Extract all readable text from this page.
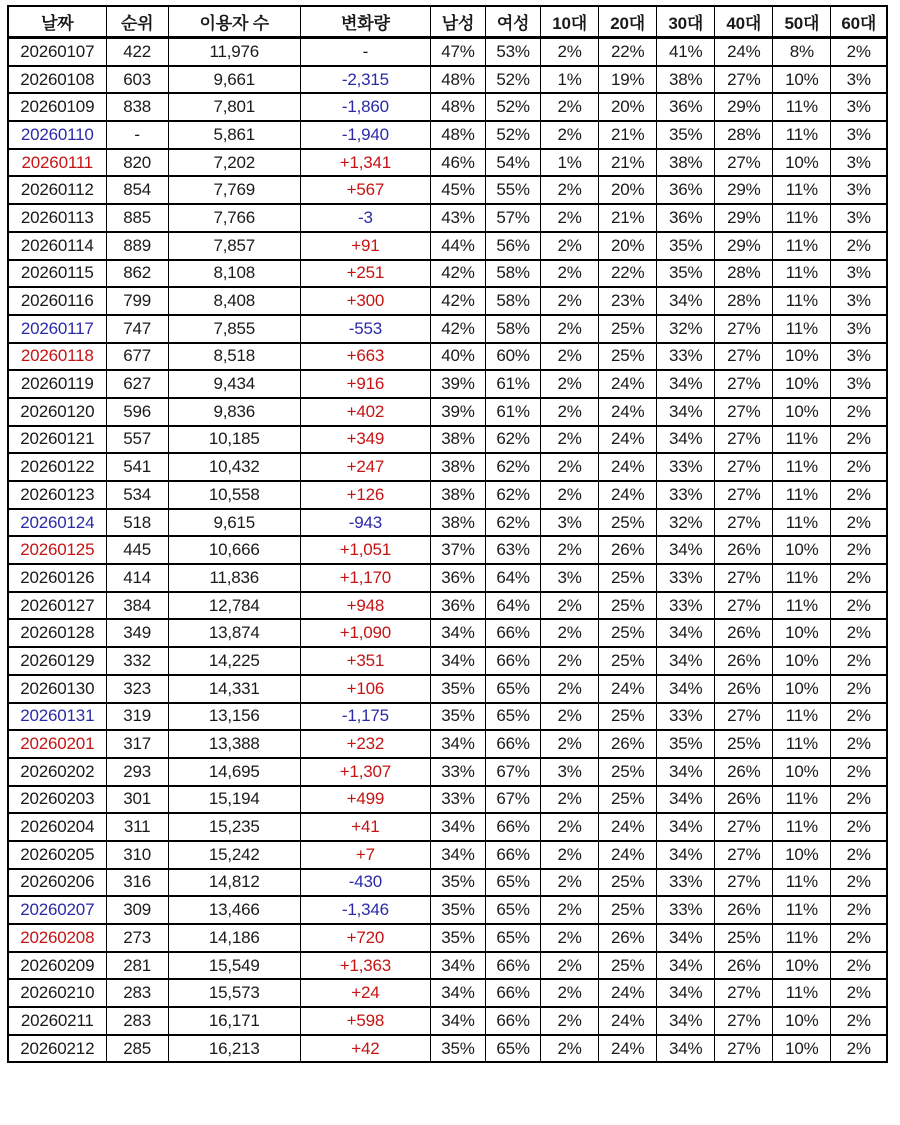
날짜	순위	이용자 수	변화량	남성	여성	10대	20대	30대	40대	50대	60대
20260107	422	11,976	-	47%	53%	2%	22%	41%	24%	8%	2%
20260108	603	9,661	-2,315	48%	52%	1%	19%	38%	27%	10%	3%
20260109	838	7,801	-1,860	48%	52%	2%	20%	36%	29%	11%	3%
20260110	-	5,861	-1,940	48%	52%	2%	21%	35%	28%	11%	3%
20260111	820	7,202	+1,341	46%	54%	1%	21%	38%	27%	10%	3%
20260112	854	7,769	+567	45%	55%	2%	20%	36%	29%	11%	3%
20260113	885	7,766	-3	43%	57%	2%	21%	36%	29%	11%	3%
20260114	889	7,857	+91	44%	56%	2%	20%	35%	29%	11%	2%
20260115	862	8,108	+251	42%	58%	2%	22%	35%	28%	11%	3%
20260116	799	8,408	+300	42%	58%	2%	23%	34%	28%	11%	3%
20260117	747	7,855	-553	42%	58%	2%	25%	32%	27%	11%	3%
20260118	677	8,518	+663	40%	60%	2%	25%	33%	27%	10%	3%
20260119	627	9,434	+916	39%	61%	2%	24%	34%	27%	10%	3%
20260120	596	9,836	+402	39%	61%	2%	24%	34%	27%	10%	2%
20260121	557	10,185	+349	38%	62%	2%	24%	34%	27%	11%	2%
20260122	541	10,432	+247	38%	62%	2%	24%	33%	27%	11%	2%
20260123	534	10,558	+126	38%	62%	2%	24%	33%	27%	11%	2%
20260124	518	9,615	-943	38%	62%	3%	25%	32%	27%	11%	2%
20260125	445	10,666	+1,051	37%	63%	2%	26%	34%	26%	10%	2%
20260126	414	11,836	+1,170	36%	64%	3%	25%	33%	27%	11%	2%
20260127	384	12,784	+948	36%	64%	2%	25%	33%	27%	11%	2%
20260128	349	13,874	+1,090	34%	66%	2%	25%	34%	26%	10%	2%
20260129	332	14,225	+351	34%	66%	2%	25%	34%	26%	10%	2%
20260130	323	14,331	+106	35%	65%	2%	24%	34%	26%	10%	2%
20260131	319	13,156	-1,175	35%	65%	2%	25%	33%	27%	11%	2%
20260201	317	13,388	+232	34%	66%	2%	26%	35%	25%	11%	2%
20260202	293	14,695	+1,307	33%	67%	3%	25%	34%	26%	10%	2%
20260203	301	15,194	+499	33%	67%	2%	25%	34%	26%	11%	2%
20260204	311	15,235	+41	34%	66%	2%	24%	34%	27%	11%	2%
20260205	310	15,242	+7	34%	66%	2%	24%	34%	27%	10%	2%
20260206	316	14,812	-430	35%	65%	2%	25%	33%	27%	11%	2%
20260207	309	13,466	-1,346	35%	65%	2%	25%	33%	26%	11%	2%
20260208	273	14,186	+720	35%	65%	2%	26%	34%	25%	11%	2%
20260209	281	15,549	+1,363	34%	66%	2%	25%	34%	26%	10%	2%
20260210	283	15,573	+24	34%	66%	2%	24%	34%	27%	11%	2%
20260211	283	16,171	+598	34%	66%	2%	24%	34%	27%	10%	2%
20260212	285	16,213	+42	35%	65%	2%	24%	34%	27%	10%	2%
